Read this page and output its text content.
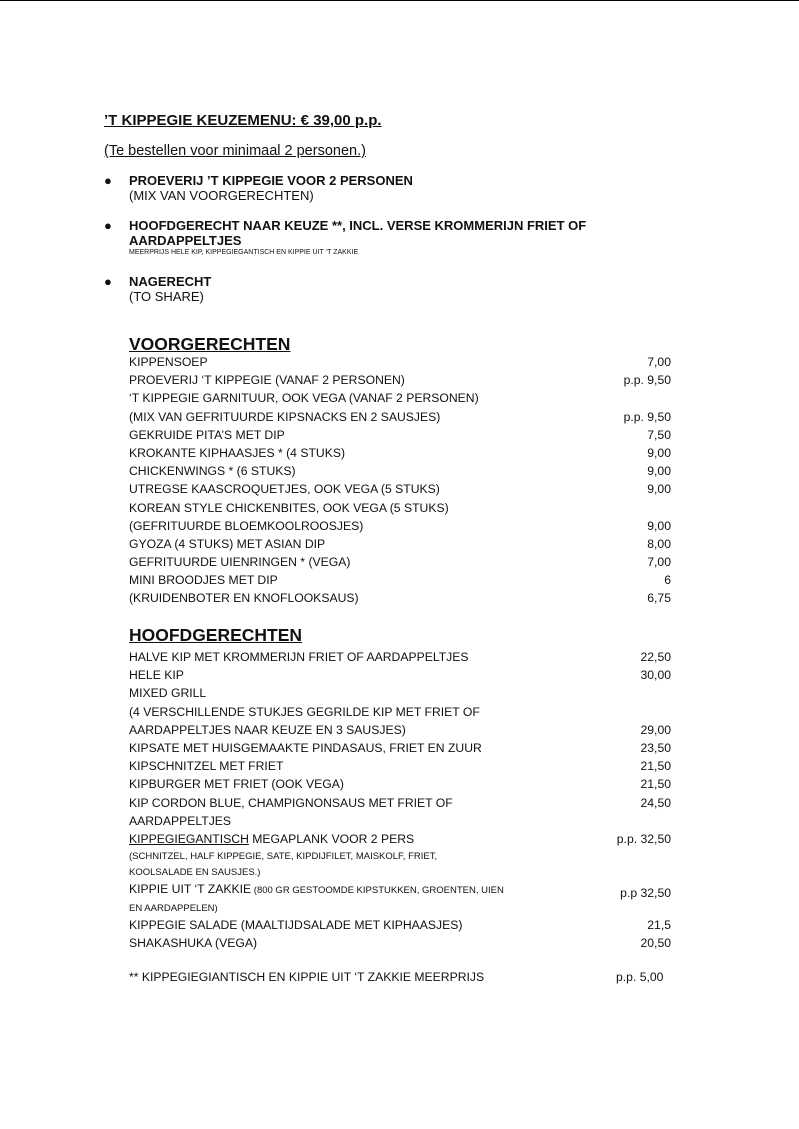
’T KIPPEGIE KEUZEMENU: € 39,00 p.p.
(Te bestellen voor minimaal 2 personen.)
● PROEVERIJ ’T KIPPEGIE VOOR 2 PERSONEN
(MIX VAN VOORGERECHTEN)
● HOOFDGERECHT NAAR KEUZE **, INCL. VERSE KROMMERIJN FRIET OF AARDAPPELTJES
MEERPRIJS HELE KIP, KIPPEGIEGANTISCH EN KIPPIE UIT ‘T ZAKKIE
● NAGERECHT
(TO SHARE)
VOORGERECHTEN
KIPPENSOEP	7,00
PROEVERIJ ‘T KIPPEGIE (VANAF 2 PERSONEN)	p.p. 9,50
‘T KIPPEGIE GARNITUUR, OOK VEGA (VANAF 2 PERSONEN)
(MIX VAN GEFRITUURDE KIPSNACKS EN 2 SAUSJES)	p.p. 9,50
GEKRUIDE PITA’S MET DIP	7,50
KROKANTE KIPHAASJES * (4 STUKS)	9,00
CHICKENWINGS * (6 STUKS)	9,00
UTREGSE KAASCROQUETJES, OOK VEGA (5 STUKS)	9,00
KOREAN STYLE CHICKENBITES, OOK VEGA (5 STUKS)
(GEFRITUURDE BLOEMKOOLROOSJES)	9,00
GYOZA (4 STUKS) MET ASIAN DIP	8,00
GEFRITUURDE UIENRINGEN * (VEGA)	7,00
MINI BROODJES MET DIP	6
(KRUIDENBOTER EN KNOFLOOKSAUS)	6,75
HOOFDGERECHTEN
HALVE KIP MET KROMMERIJN FRIET OF AARDAPPELTJES	22,50
HELE KIP	30,00
MIXED GRILL
(4 VERSCHILLENDE STUKJES GEGRILDE KIP MET FRIET OF
AARDAPPELTJES NAAR KEUZE EN 3 SAUSJES)	29,00
KIPSATE MET HUISGEMAAKTE PINDASAUS, FRIET EN ZUUR	23,50
KIPSCHNITZEL MET FRIET	21,50
KIPBURGER MET FRIET (OOK VEGA)	21,50
KIP CORDON BLUE, CHAMPIGNONSAUS MET FRIET OF	24,50
AARDAPPELTJES
KIPPEGIEGANTISCH MEGAPLANK VOOR 2 PERS	p.p. 32,50
(SCHNITZEL, HALF KIPPEGIE, SATE, KIPDIJFILET, MAISKOLF, FRIET,
KOOLSALADE EN SAUSJES.)
KIPPIE UIT ‘T ZAKKIE (800 GR GESTOOMDE KIPSTUKKEN, GROENTEN, UIEN	p.p 32,50
EN AARDAPPELEN)
KIPPEGIE SALADE (MAALTIJDSALADE MET KIPHAASJES)	21,5
SHAKASHUKA (VEGA)	20,50
** KIPPEGIEGIANTISCH EN KIPPIE UIT ‘T ZAKKIE MEERPRIJS	p.p. 5,00
